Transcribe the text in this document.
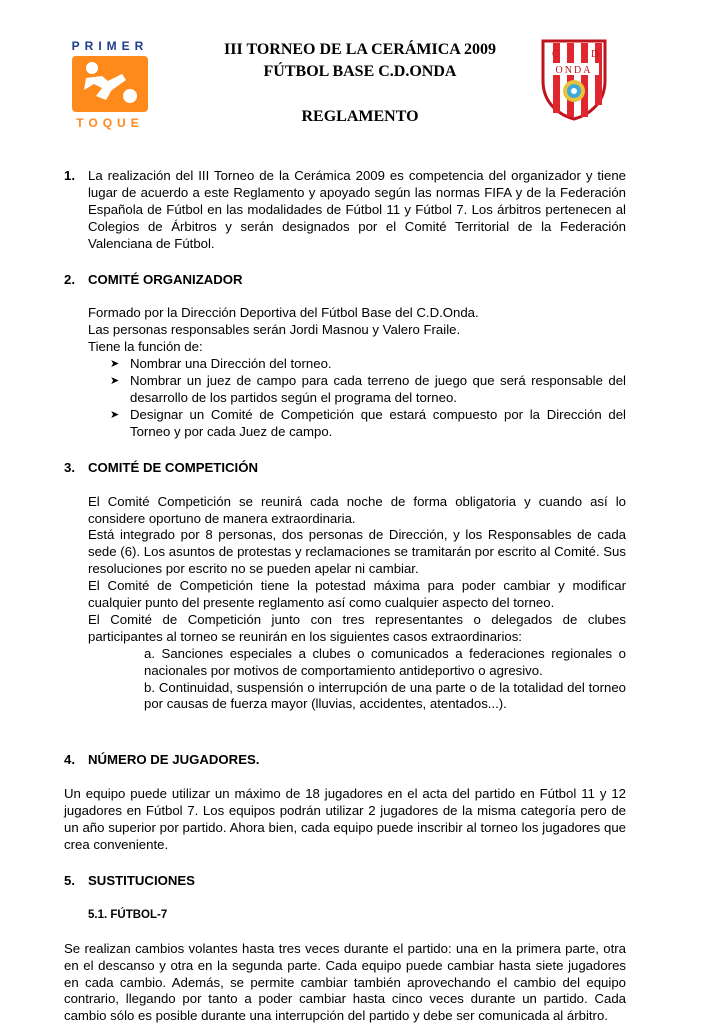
PRIMER
TOQUE
III TORNEO DE LA CERÁMICA 2009
FÚTBOL BASE C.D.ONDA
REGLAMENTO
C	D
ONDA
1. La realización del III Torneo de la Cerámica 2009 es competencia del organizador y tiene lugar de acuerdo a este Reglamento y apoyado según las normas FIFA y de la Federación Española de Fútbol en las modalidades de Fútbol 11 y Fútbol 7. Los árbitros pertenecen al Colegios de Árbitros y serán designados por el Comité Territorial de la Federación Valenciana de Fútbol.

2. COMITÉ ORGANIZADOR

Formado por la Dirección Deportiva del Fútbol Base del C.D.Onda.

Las personas responsables serán Jordi Masnou y Valero Fraile.

Tiene la función de:

➤ Nombrar una Dirección del torneo.

➤ Nombrar un juez de campo para cada terreno de juego que será responsable del desarrollo de los partidos según el programa del torneo.

➤ Designar un Comité de Competición que estará compuesto por la Dirección del Torneo y por cada Juez de campo.

3. COMITÉ DE COMPETICIÓN

El Comité Competición se reunirá cada noche de forma obligatoria y cuando así lo considere oportuno de manera extraordinaria.

Está integrado por 8 personas, dos personas de Dirección, y los Responsables de cada sede (6). Los asuntos de protestas y reclamaciones se tramitarán por escrito al Comité. Sus resoluciones por escrito no se pueden apelar ni cambiar.

El Comité de Competición tiene la potestad máxima para poder cambiar y modificar cualquier punto del presente reglamento así como cualquier aspecto del torneo.

El Comité de Competición junto con tres representantes o delegados de clubes participantes al torneo se reunirán en los siguientes casos extraordinarios:

a. Sanciones especiales a clubes o comunicados a federaciones regionales o nacionales por motivos de comportamiento antideportivo o agresivo.

b. Continuidad, suspensión o interrupción de una parte o de la totalidad del torneo por causas de fuerza mayor (lluvias, accidentes, atentados...).

4. NÚMERO DE JUGADORES.

Un equipo puede utilizar un máximo de 18 jugadores en el acta del partido en Fútbol 11 y 12 jugadores en Fútbol 7. Los equipos podrán utilizar 2 jugadores de la misma categoría pero de un año superior por partido. Ahora bien, cada equipo puede inscribir al torneo los jugadores que crea conveniente.

5. SUSTITUCIONES

5.1. FÚTBOL-7

Se realizan cambios volantes hasta tres veces durante el partido: una en la primera parte, otra en el descanso y otra en la segunda parte. Cada equipo puede cambiar hasta siete jugadores en cada cambio. Además, se permite cambiar también aprovechando el cambio del equipo contrario, llegando por tanto a poder cambiar hasta cinco veces durante un partido. Cada cambio sólo es posible durante una interrupción del partido y debe ser comunicada al árbitro.
